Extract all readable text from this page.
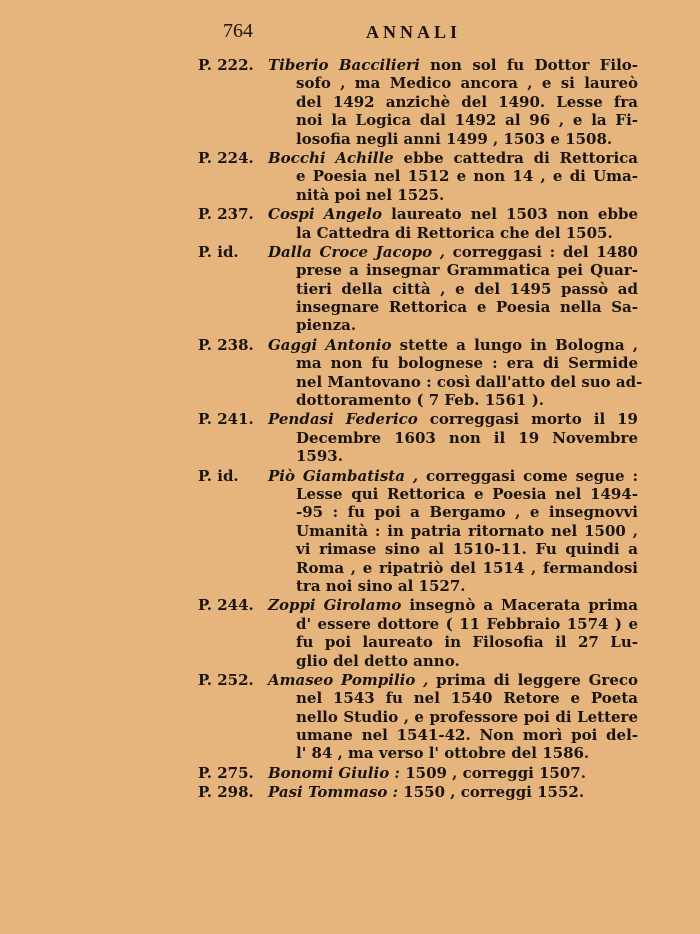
764	ANNALI
P. 222. Tiberio Baccilieri non sol fu Dottor Filo-
sofo , ma Medico ancora , e si laureò
del 1492 anzichè del 1490. Lesse fra
noi la Logica dal 1492 al 96 , e la Fi-
losofia negli anni 1499 , 1503 e 1508.
P. 224. Bocchi Achille ebbe cattedra di Rettorica
e Poesia nel 1512 e non 14 , e di Uma-
nità poi nel 1525.
P. 237. Cospi Angelo laureato nel 1503 non ebbe
la Cattedra di Rettorica che del 1505.
P. id.	Dalla Croce Jacopo , correggasi : del 1480
prese a insegnar Grammatica pei Quar-
tieri della città , e del 1495 passò ad
insegnare Rettorica e Poesia nella Sa-
pienza.
P. 238. Gaggi Antonio stette a lungo in Bologna ,
ma non fu bolognese : era di Sermide
nel Mantovano : così dall'atto del suo ad-
dottoramento ( 7 Feb. 1561 ).
P. 241. Pendasi Federico correggasi morto il 19
Decembre 1603 non il 19 Novembre
1593.
P. id.	Piò Giambatista , correggasi come segue :
Lesse qui Rettorica e Poesia nel 1494-
-95 : fu poi a Bergamo , e insegnovvi
Umanità : in patria ritornato nel 1500 ,
vi rimase sino al 1510-11. Fu quindi a
Roma , e ripatriò del 1514 , fermandosi
tra noi sino al 1527.
P. 244. Zoppi Girolamo insegnò a Macerata prima
d' essere dottore ( 11 Febbraio 1574 ) e
fu poi laureato in Filosofia il 27 Lu-
glio del detto anno.
P. 252. Amaseo Pompilio , prima di leggere Greco
nel 1543 fu nel 1540 Retore e Poeta
nello Studio , e professore poi di Lettere
umane nel 1541-42. Non morì poi del-
l' 84 , ma verso l' ottobre del 1586.
P. 275. Bonomi Giulio : 1509 , correggi 1507.
P. 298. Pasi Tommaso : 1550 , correggi 1552.
